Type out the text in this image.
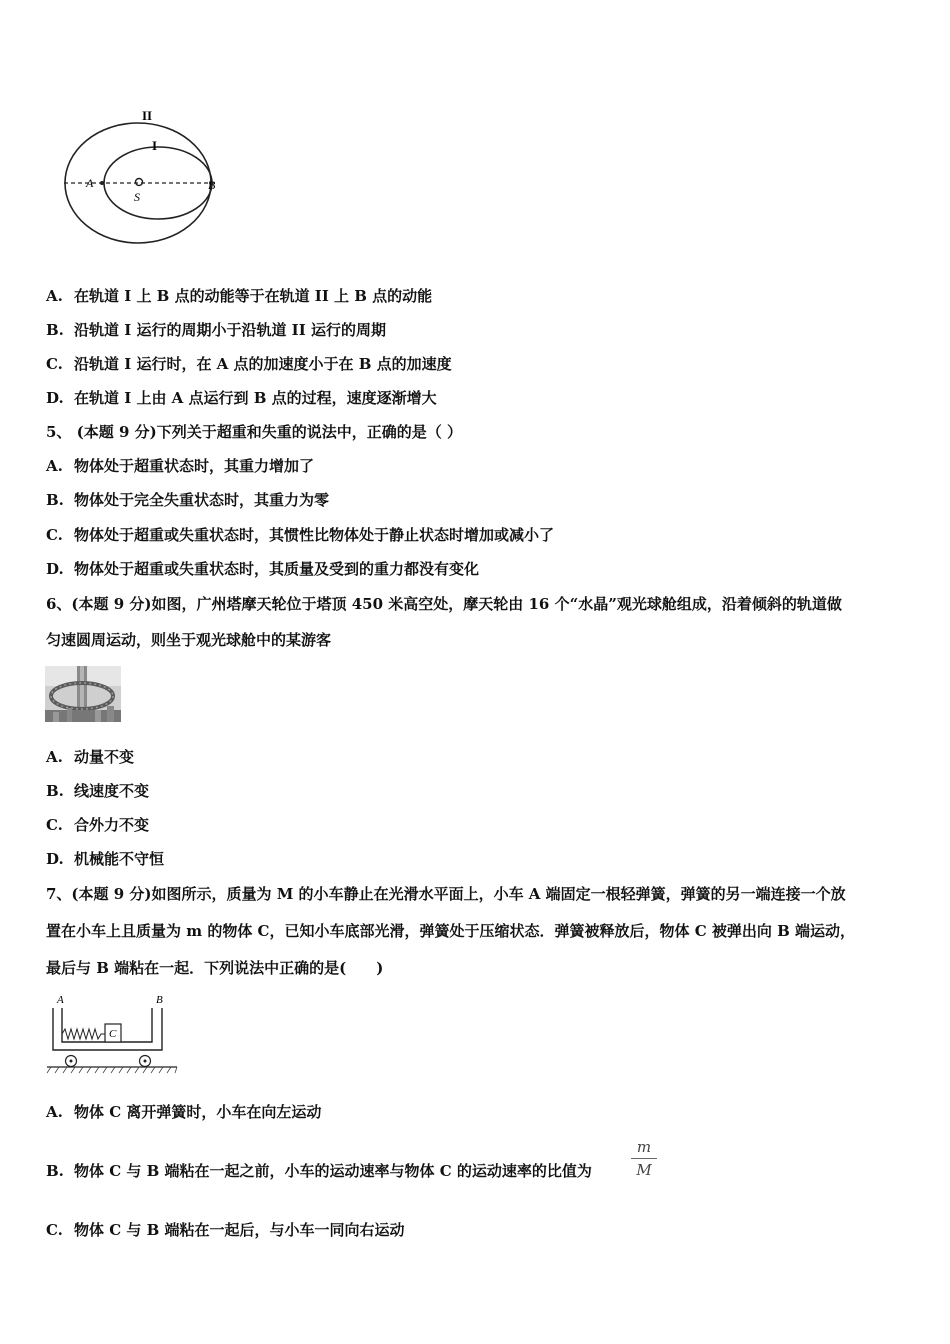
II
I
A	B
S
A. 在轨道 I 上 B 点的动能等于在轨道 II 上 B 点的动能
B. 沿轨道 I 运行的周期小于沿轨道 II 运行的周期
C. 沿轨道 I 运行时，在 A 点的加速度小于在 B 点的加速度
D. 在轨道 I 上由 A 点运行到 B 点的过程，速度逐渐增大
5、 (本题 9 分)下列关于超重和失重的说法中，正确的是（ ）
A. 物体处于超重状态时，其重力增加了
B. 物体处于完全失重状态时，其重力为零
C. 物体处于超重或失重状态时，其惯性比物体处于静止状态时增加或减小了
D. 物体处于超重或失重状态时，其质量及受到的重力都没有变化
6、(本题 9 分)如图，广州塔摩天轮位于塔顶 450 米高空处，摩天轮由 16 个“水晶”观光球舱组成，沿着倾斜的轨道做
匀速圆周运动，则坐于观光球舱中的某游客
A. 动量不变
B. 线速度不变
C. 合外力不变
D. 机械能不守恒
7、(本题 9 分)如图所示，质量为 M 的小车静止在光滑水平面上，小车 A 端固定一根轻弹簧，弹簧的另一端连接一个放
置在小车上且质量为 m 的物体 C，已知小车底部光滑，弹簧处于压缩状态．弹簧被释放后，物体 C 被弹出向 B 端运动，
最后与 B 端粘在一起．下列说法中正确的是(　　)
A	B
C
A. 物体 C 离开弹簧时，小车在向左运动
B. 物体 C 与 B 端粘在一起之前，小车的运动速率与物体 C 的运动速率的比值为	$\frac{m}{M}$
C. 物体 C 与 B 端粘在一起后，与小车一同向右运动
